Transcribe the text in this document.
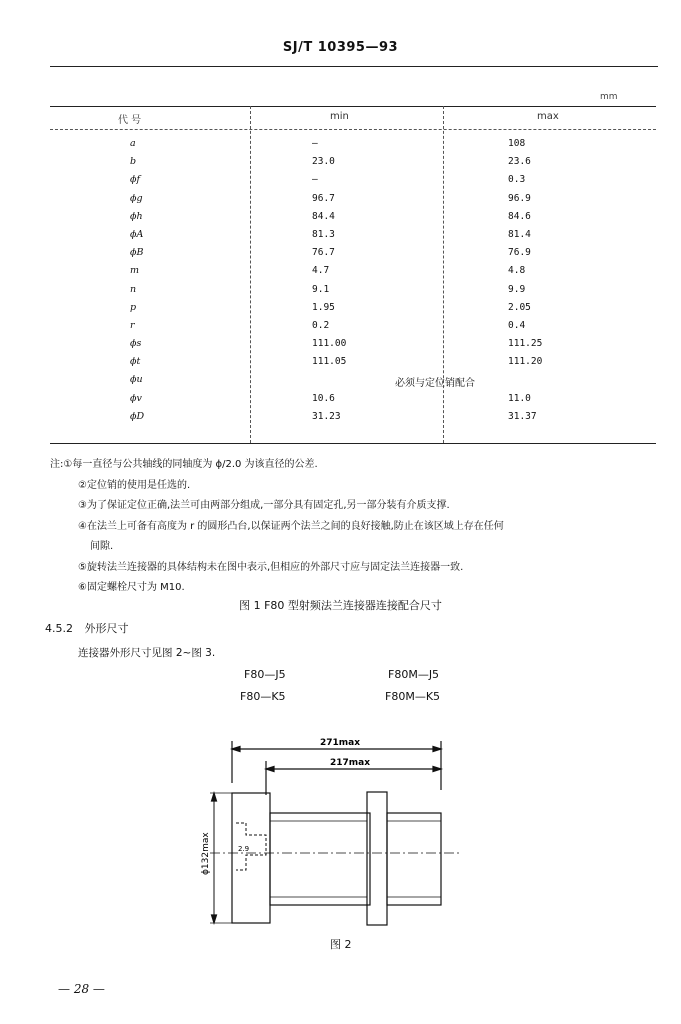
SJ/T 10395—93
mm
代 号	min	max
a	—	108
b	23.0	23.6
ϕf	—	0.3
ϕg	96.7	96.9
ϕh	84.4	84.6
ϕA	81.3	81.4
ϕB	76.7	76.9
m	4.7	4.8
n	9.1	9.9
p	1.95	2.05
r	0.2	0.4
ϕs	111.00	111.25
ϕt	111.05	111.20
ϕu	必须与定位销配合
ϕv	10.6	11.0
ϕD	31.23	31.37
注:①每一直径与公共轴线的同轴度为 ϕ/2.0 为该直径的公差.
②定位销的使用是任选的.
③为了保证定位正确,法兰可由两部分组成,一部分具有固定孔,另一部分装有介质支撑.
④在法兰上可备有高度为 r 的圆形凸台,以保证两个法兰之间的良好接触,防止在该区域上存在任何
间隙.
⑤旋转法兰连接器的具体结构未在图中表示,但相应的外部尺寸应与固定法兰连接器一致.
⑥固定螺栓尺寸为 M10.
图 1 F80 型射频法兰连接器连接配合尺寸
4.5.2 外形尺寸
连接器外形尺寸见图 2~图 3.
F80—J5	F80M—J5
F80—K5	F80M—K5
271max
217max
ϕ132max	2.9
图 2
— 28 —
